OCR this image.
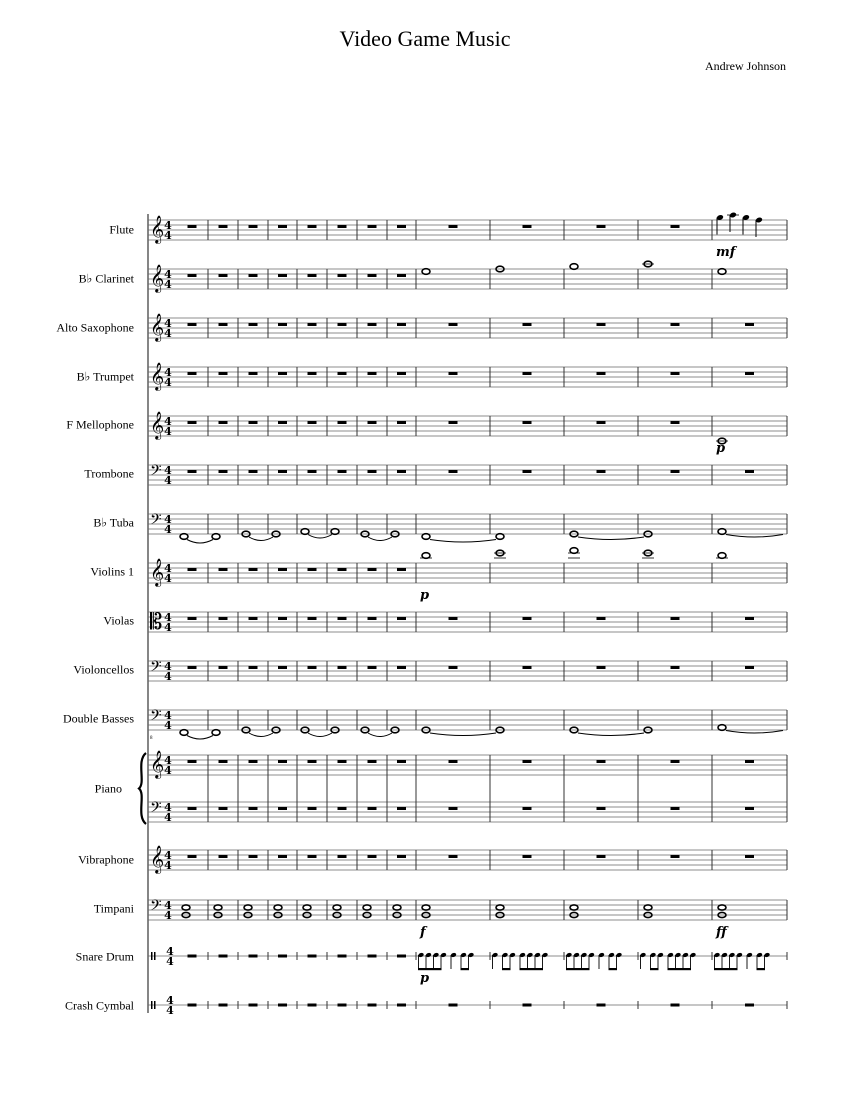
Video Game Music
Andrew Johnson
Flute
B♭ Clarinet
Alto Saxophone
B♭ Trumpet
F Mellophone
Trombone
B♭ Tuba
Violins 1
Violas
Violoncellos
Double Basses
Piano
Vibraphone
Timpani
Snare Drum
Crash Cymbal
𝄞 4
4
mf
𝄞 4
4
𝄞 4
4
𝄞 4
4
𝄞 4
4
p
𝄢 4
4
𝄢 4
4
𝄞 4
4
p
𝄡 4
4
𝄢 4
4
𝄢
8
4
4
𝄞 4
4
𝄢 4
4
𝄞 4
4
𝄢 4
4
f	ff
4
4
p
4
4
